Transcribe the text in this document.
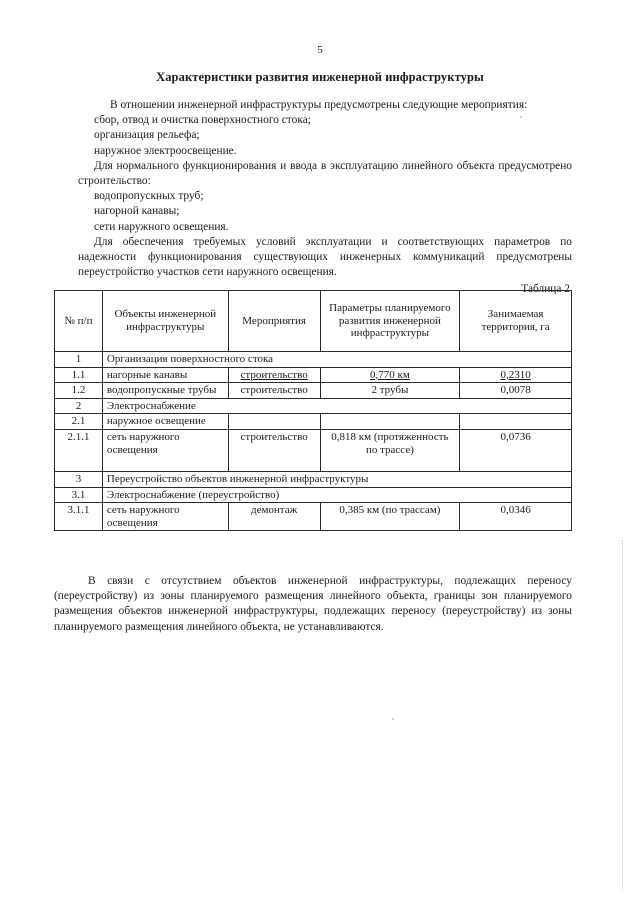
5
Характеристики развития инженерной инфраструктуры

В отношении инженерной инфраструктуры предусмотрены следующие мероприятия:

сбор, отвод и очистка поверхностного стока;

организация рельефа;

наружное электроосвещение.

Для нормального функционирования и ввода в эксплуатацию линейного объекта предусмотрено строительство:

водопропускных труб;

нагорной канавы;

сети наружного освещения.

Для обеспечения требуемых условий эксплуатации и соответствующих параметров по надежности функционирования существующих инженерных коммуникаций предусмотрены переустройство участков сети наружного освещения.

Таблица 2
№ п/п	Объекты инженерной инфраструктуры	Мероприятия	Параметры планируемого развития инженерной инфраструктуры	Занимаемая территория, га
1	Организация поверхностного стока			
1.1	нагорные канавы	строительство	0,770 км	0,2310
1.2	водопропускные трубы	строительство	2 трубы	0,0078
2	Электроснабжение			
2.1	наружное освещение			
2.1.1	сеть наружного освещения	строительство	0,818 км (протяженность по трассе)	0,0736
3	Переустройство объектов инженерной инфраструктуры			
3.1	Электроснабжение (переустройство)			
3.1.1	сеть наружного освещения	демонтаж	0,385 км (по трассам)	0,0346

В связи с отсутствием объектов инженерной инфраструктуры, подлежащих переносу (переустройству) из зоны планируемого размещения линейного объекта, границы зон планируемого размещения объектов инженерной инфраструктуры, подлежащих переносу (переустройству) из зоны планируемого размещения линейного объекта, не устанавливаются.
